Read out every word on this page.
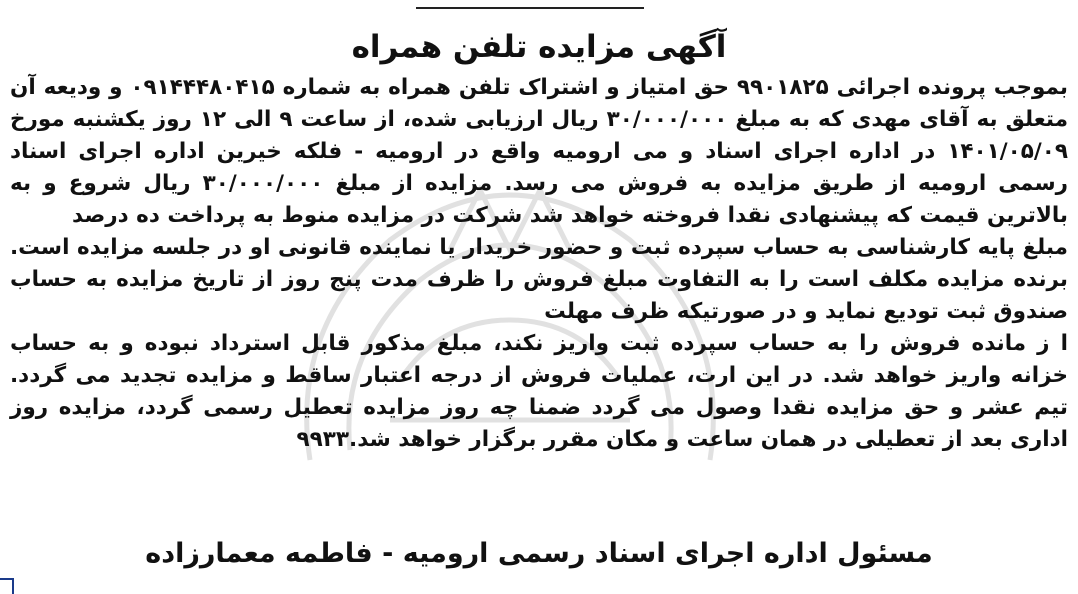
آگهی مزایده تلفن همراه

بموجب پرونده اجرائی ۹۹۰۱۸۲۵ حق امتیاز و اشتراک تلفن همراه به شماره ۰۹۱۴۴۴۸۰۴۱۵ و ودیعه آن متعلق به آقای مهدی که به مبلغ ۳۰/۰۰۰/۰۰۰ ریال ارزیابی شده، از ساعت ۹ الی ۱۲ روز یکشنبه مورخ ۱۴۰۱/۰۵/۰۹ در اداره اجرای اسناد و می ارومیه واقع در ارومیه - فلکه خیرین اداره اجرای اسناد رسمی ارومیه از طریق مزایده به فروش می رسد. مزایده از مبلغ ۳۰/۰۰۰/۰۰۰ ریال شروع و به بالاترین قیمت که پیشنهادی نقدا فروخته خواهد شد شرکت در مزایده منوط به پرداخت ده درصد

مبلغ پایه کارشناسی به حساب سپرده ثبت و حضور خریدار یا نماینده قانونی او در جلسه مزایده است. برنده مزایده مکلف است را به التفاوت مبلغ فروش را ظرف مدت پنج روز از تاریخ مزایده به حساب صندوق ثبت تودیع نماید و در صورتیکه ظرف مهلت

ا ز مانده فروش را به حساب سپرده ثبت واریز نکند، مبلغ مذکور قابل استرداد نبوده و به حساب خزانه واریز خواهد شد. در این ارت، عملیات فروش از درجه اعتبار ساقط و مزایده تجدید می گردد. تیم عشر و حق مزایده نقدا وصول می گردد ضمنا چه روز مزایده تعطیل رسمی گردد، مزایده روز اداری بعد از تعطیلی در همان ساعت و مکان مقرر برگزار خواهد شد.۹۹۳۳

مسئول اداره اجرای اسناد رسمی ارومیه - فاطمه معمارزاده
